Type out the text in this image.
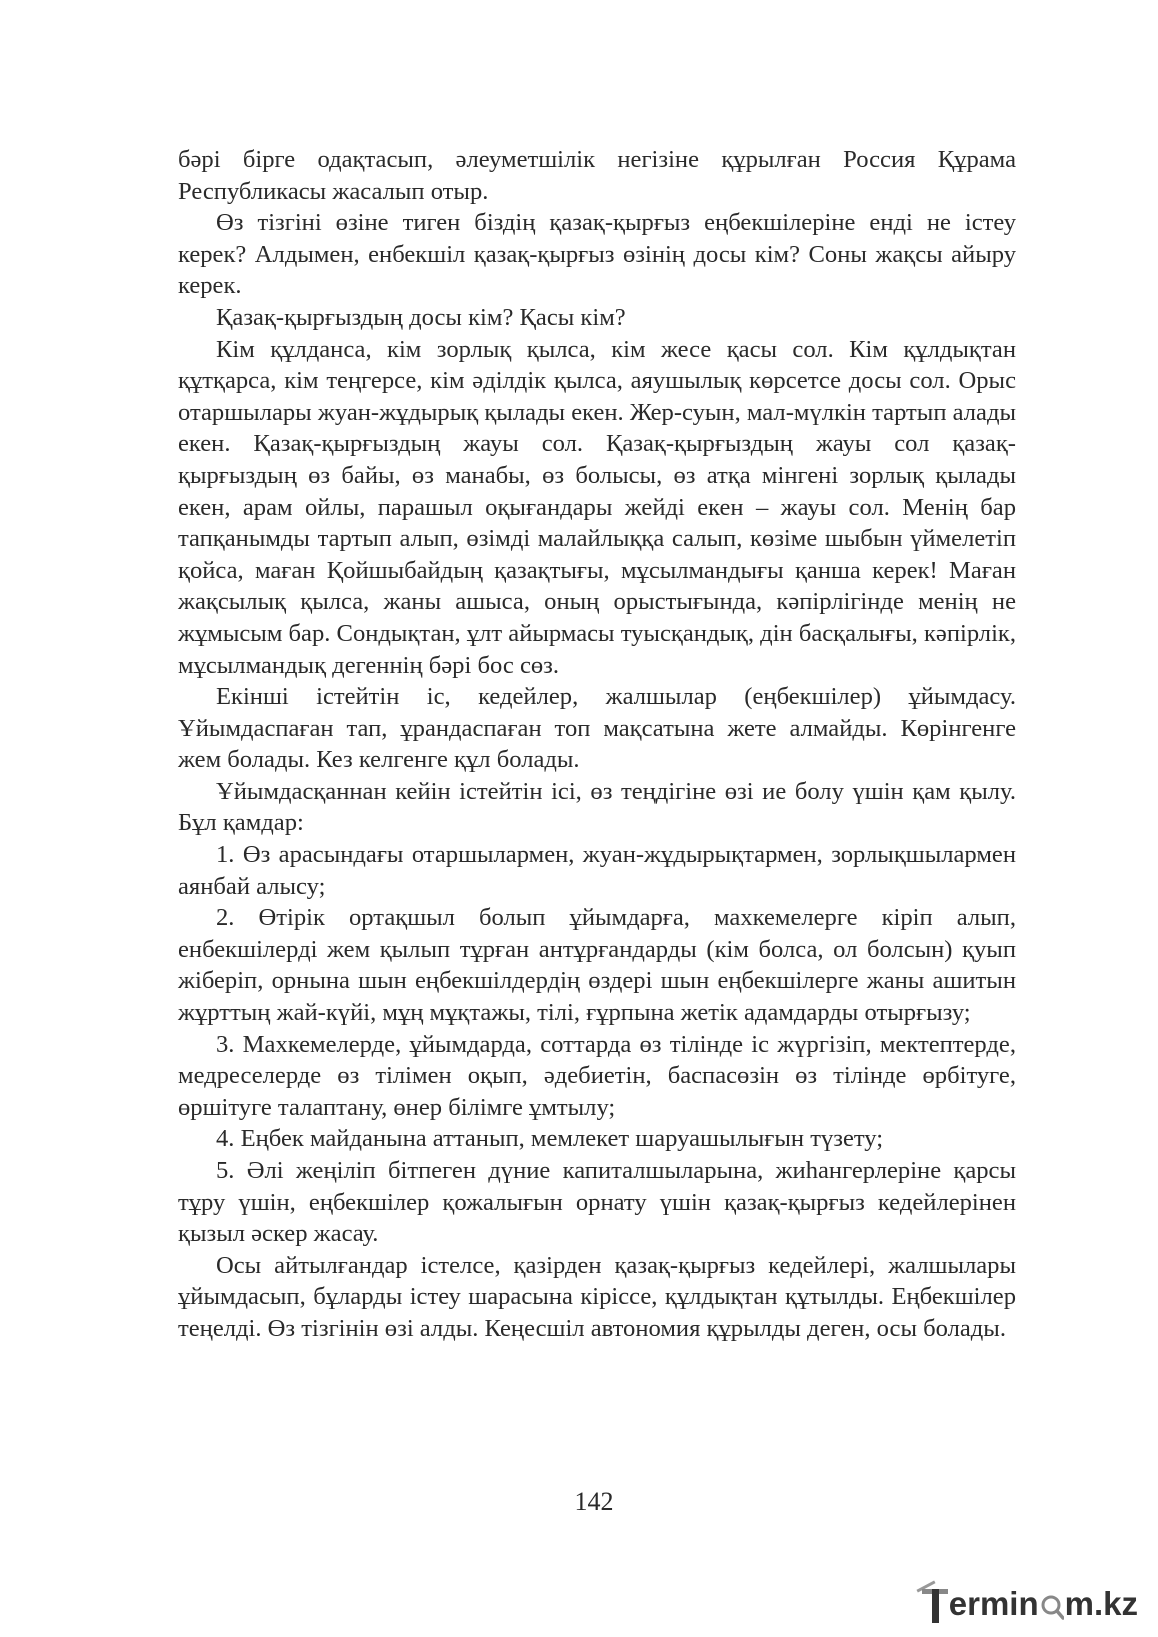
бәрі бірге одақтасып, әлеуметшілік негізіне құрылған Россия Құрама Республикасы жасалып отыр.

Өз тізгіні өзіне тиген біздің қазақ-қырғыз еңбекшілеріне енді не істеу керек? Алдымен, енбекшіл қазақ-қырғыз өзінің досы кім? Соны жақсы айыру керек.

Қазақ-қырғыздың досы кім? Қасы кім?

Кім құлданса, кім зорлық қылса, кім жесе қасы сол. Кім құлдықтан құтқарса, кім теңгерсе, кім әділдік қылса, аяушылық көрсетсе досы сол. Орыс отаршылары жуан-жұдырық қылады екен. Жер-суын, мал-мүлкін тартып алады екен. Қазақ-қырғыздың жауы сол. Қазақ-қырғыздың жауы сол қазақ-қырғыздың өз байы, өз манабы, өз болысы, өз атқа мінгені зорлық қылады екен, арам ойлы, парашыл оқығандары жейді екен – жауы сол. Менің бар тапқанымды тартып алып, өзімді малайлыққа салып, көзіме шыбын үймелетіп қойса, маған Қойшыбайдың қазақтығы, мұсылмандығы қанша керек! Маған жақсылық қылса, жаны ашыса, оның орыстығында, кәпірлігінде менің не жұмысым бар. Сондықтан, ұлт айырмасы туысқандық, дін басқалығы, кәпірлік, мұсылмандық дегеннің бәрі бос сөз.

Екінші істейтін іс, кедейлер, жалшылар (еңбекшілер) ұйымдасу. Ұйымдаспаған тап, ұрандаспаған топ мақсатына жете алмайды. Көрінгенге жем болады. Кез келгенге құл болады.

Ұйымдасқаннан кейін істейтін ісі, өз теңдігіне өзі ие болу үшін қам қылу. Бұл қамдар:

1. Өз арасындағы отаршылармен, жуан-жұдырықтармен, зорлықшылармен аянбай алысу;

2. Өтірік ортақшыл болып ұйымдарға, махкемелерге кіріп алып, енбекшілерді жем қылып тұрған антұрғандарды (кім болса, ол болсын) қуып жіберіп, орнына шын еңбекшілдердің өздері шын еңбекшілерге жаны ашитын жұрттың жай-күйі, мұң мұқтажы, тілі, ғұрпына жетік адамдарды отырғызу;

3. Махкемелерде, ұйымдарда, соттарда өз тілінде іс жүргізіп, мектептерде, медреселерде өз тілімен оқып, әдебиетін, баспасөзін өз тілінде өрбітуге, өршітуге талаптану, өнер білімге ұмтылу;

4. Еңбек майданына аттанып, мемлекет шаруашылығын түзету;

5. Әлі жеңіліп бітпеген дүние капиталшыларына, жиһангерлеріне қарсы тұру үшін, еңбекшілер қожалығын орнату үшін қазақ-қырғыз кедейлерінен қызыл әскер жасау.

Осы айтылғандар істелсе, қазірден қазақ-қырғыз кедейлері, жалшылары ұйымдасып, бұларды істеу шарасына кіріссе, құлдықтан құтылды. Еңбекшілер теңелді. Өз тізгінін өзі алды. Кеңесшіл автономия құрылды деген, осы болады.

142
ermin m.kz
